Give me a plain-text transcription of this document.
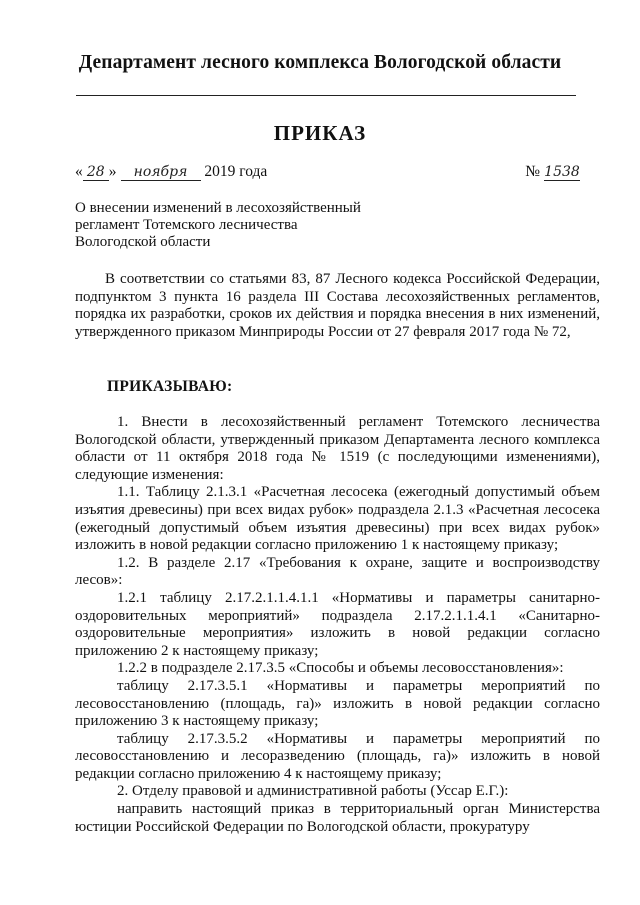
Департамент лесного комплекса Вологодской области
ПРИКАЗ
« 28 » ноября 2019 года	№ 1538
О внесении изменений в лесохозяйственный
регламент Тотемского лесничества
Вологодской области

В соответствии со статьями 83, 87 Лесного кодекса Российской Федерации, подпунктом 3 пункта 16 раздела III Состава лесохозяйственных регламентов, порядка их разработки, сроков их действия и порядка внесения в них изменений, утвержденного приказом Минприроды России от 27 февраля 2017 года № 72,

ПРИКАЗЫВАЮ:

1. Внести в лесохозяйственный регламент Тотемского лесничества Вологодской области, утвержденный приказом Департамента лесного комплекса области от 11 октября 2018 года № 1519 (с последующими изменениями), следующие изменения:

1.1. Таблицу 2.1.3.1 «Расчетная лесосека (ежегодный допустимый объем изъятия древесины) при всех видах рубок» подраздела 2.1.3 «Расчетная лесосека (ежегодный допустимый объем изъятия древесины) при всех видах рубок» изложить в новой редакции согласно приложению 1 к настоящему приказу;

1.2. В разделе 2.17 «Требования к охране, защите и воспроизводству лесов»:

1.2.1 таблицу 2.17.2.1.1.4.1.1 «Нормативы и параметры санитарно-оздоровительных мероприятий» подраздела 2.17.2.1.1.4.1 «Санитарно-оздоровительные мероприятия» изложить в новой редакции согласно приложению 2 к настоящему приказу;

1.2.2 в подразделе 2.17.3.5 «Способы и объемы лесовосстановления»:

таблицу 2.17.3.5.1 «Нормативы и параметры мероприятий по лесовосстановлению (площадь, га)» изложить в новой редакции согласно приложению 3 к настоящему приказу;

таблицу 2.17.3.5.2 «Нормативы и параметры мероприятий по лесовосстановлению и лесоразведению (площадь, га)» изложить в новой редакции согласно приложению 4 к настоящему приказу;

2. Отделу правовой и административной работы (Уссар Е.Г.):

направить настоящий приказ в территориальный орган Министерства юстиции Российской Федерации по Вологодской области, прокуратуру
